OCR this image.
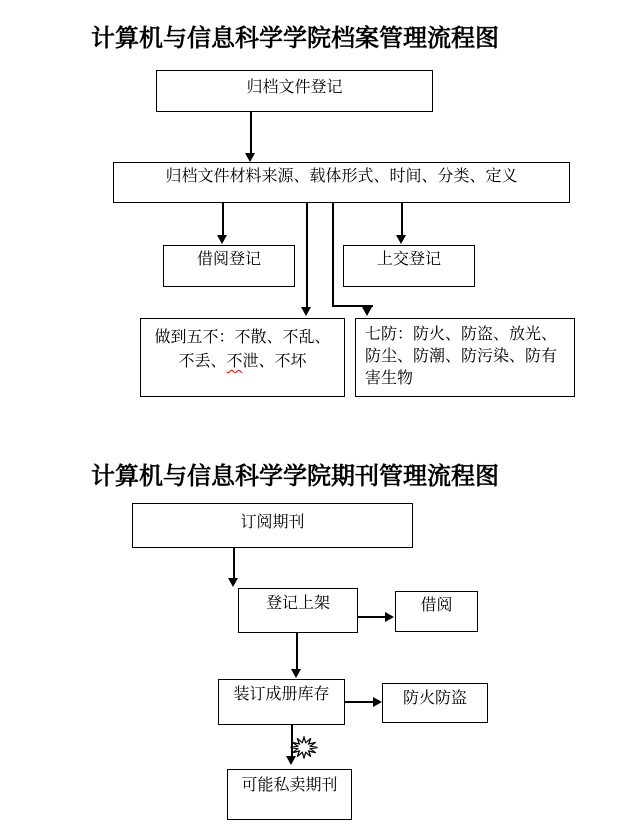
计算机与信息科学学院档案管理流程图
归档文件登记
归档文件材料来源、载体形式、时间、分类、定义
借阅登记	上交登记
做到五不：不散、不乱、
不丢、不泄、不坏
七防：防火、防盗、放光、
防尘、防潮、防污染、防有
害生物
计算机与信息科学学院期刊管理流程图
订阅期刊
登记上架	借阅
装订成册库存	防火防盗
可能私卖期刊
